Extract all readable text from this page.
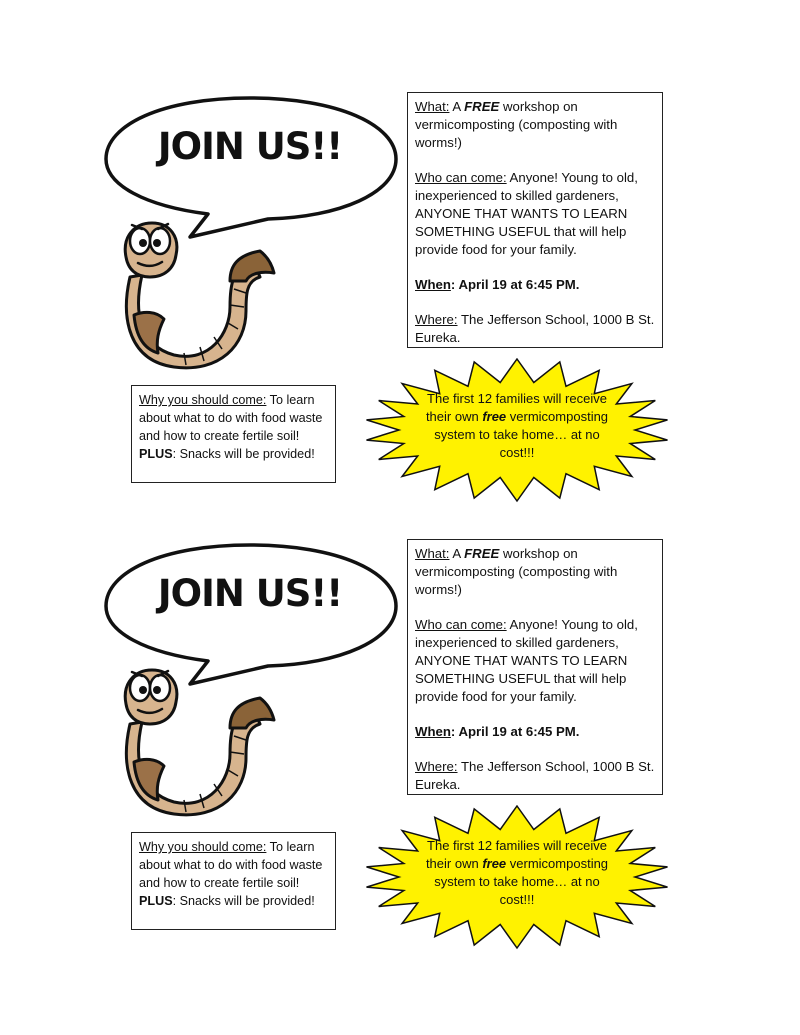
JOIN US!!

What: A FREE workshop on vermicomposting (composting with worms!)

Who can come: Anyone! Young to old, inexperienced to skilled gardeners, ANYONE THAT WANTS TO LEARN SOMETHING USEFUL that will help provide food for your family.

When: April 19 at 6:45 PM.

Where: The Jefferson School, 1000 B St. Eureka.

Why you should come: To learn about what to do with food waste and how to create fertile soil!
PLUS: Snacks will be provided!
The first 12 families will receive their own free vermicomposting system to take home… at no cost!!!
JOIN US!!

What: A FREE workshop on vermicomposting (composting with worms!)

Who can come: Anyone! Young to old, inexperienced to skilled gardeners, ANYONE THAT WANTS TO LEARN SOMETHING USEFUL that will help provide food for your family.

When: April 19 at 6:45 PM.

Where: The Jefferson School, 1000 B St. Eureka.

Why you should come: To learn about what to do with food waste and how to create fertile soil!
PLUS: Snacks will be provided!
The first 12 families will receive their own free vermicomposting system to take home… at no cost!!!
